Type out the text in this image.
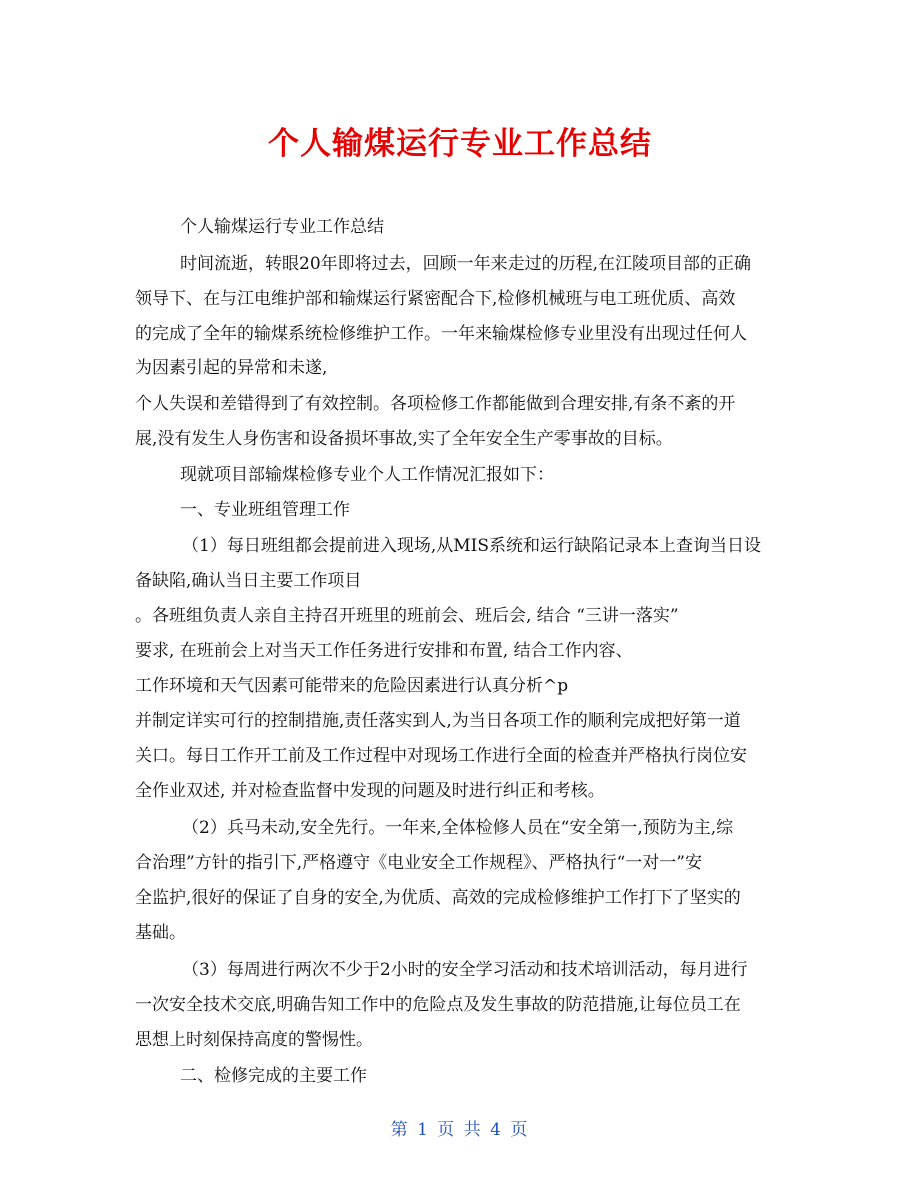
个人输煤运行专业工作总结
个人输煤运行专业工作总结
时间流逝，转眼20年即将过去，回顾一年来走过的历程,在江陵项目部的正确
领导下、在与江电维护部和输煤运行紧密配合下,检修机械班与电工班优质、高效
的完成了全年的输煤系统检修维护工作。一年来输煤检修专业里没有出现过任何人
为因素引起的异常和未遂,
个人失误和差错得到了有效控制。各项检修工作都能做到合理安排,有条不紊的开
展,没有发生人身伤害和设备损坏事故,实了全年安全生产零事故的目标。
现就项目部输煤检修专业个人工作情况汇报如下：
一、专业班组管理工作
（1）每日班组都会提前进入现场,从MIS系统和运行缺陷记录本上查询当日设
备缺陷,确认当日主要工作项目
。各班组负责人亲自主持召开班里的班前会、班后会, 结合 “三讲一落实”
要求, 在班前会上对当天工作任务进行安排和布置, 结合工作内容、
工作环境和天气因素可能带来的危险因素进行认真分析^p
并制定详实可行的控制措施,责任落实到人,为当日各项工作的顺利完成把好第一道
关口。每日工作开工前及工作过程中对现场工作进行全面的检查并严格执行岗位安
全作业双述, 并对检查监督中发现的问题及时进行纠正和考核。
（2）兵马未动,安全先行。一年来,全体检修人员在“安全第一,预防为主,综
合治理”方针的指引下,严格遵守《电业安全工作规程》、严格执行“一对一”安
全监护,很好的保证了自身的安全,为优质、高效的完成检修维护工作打下了坚实的
基础。
（3）每周进行两次不少于2小时的安全学习活动和技术培训活动，每月进行
一次安全技术交底,明确告知工作中的危险点及发生事故的防范措施,让每位员工在
思想上时刻保持高度的警惕性。
二、检修完成的主要工作
第 1 页 共 4 页
